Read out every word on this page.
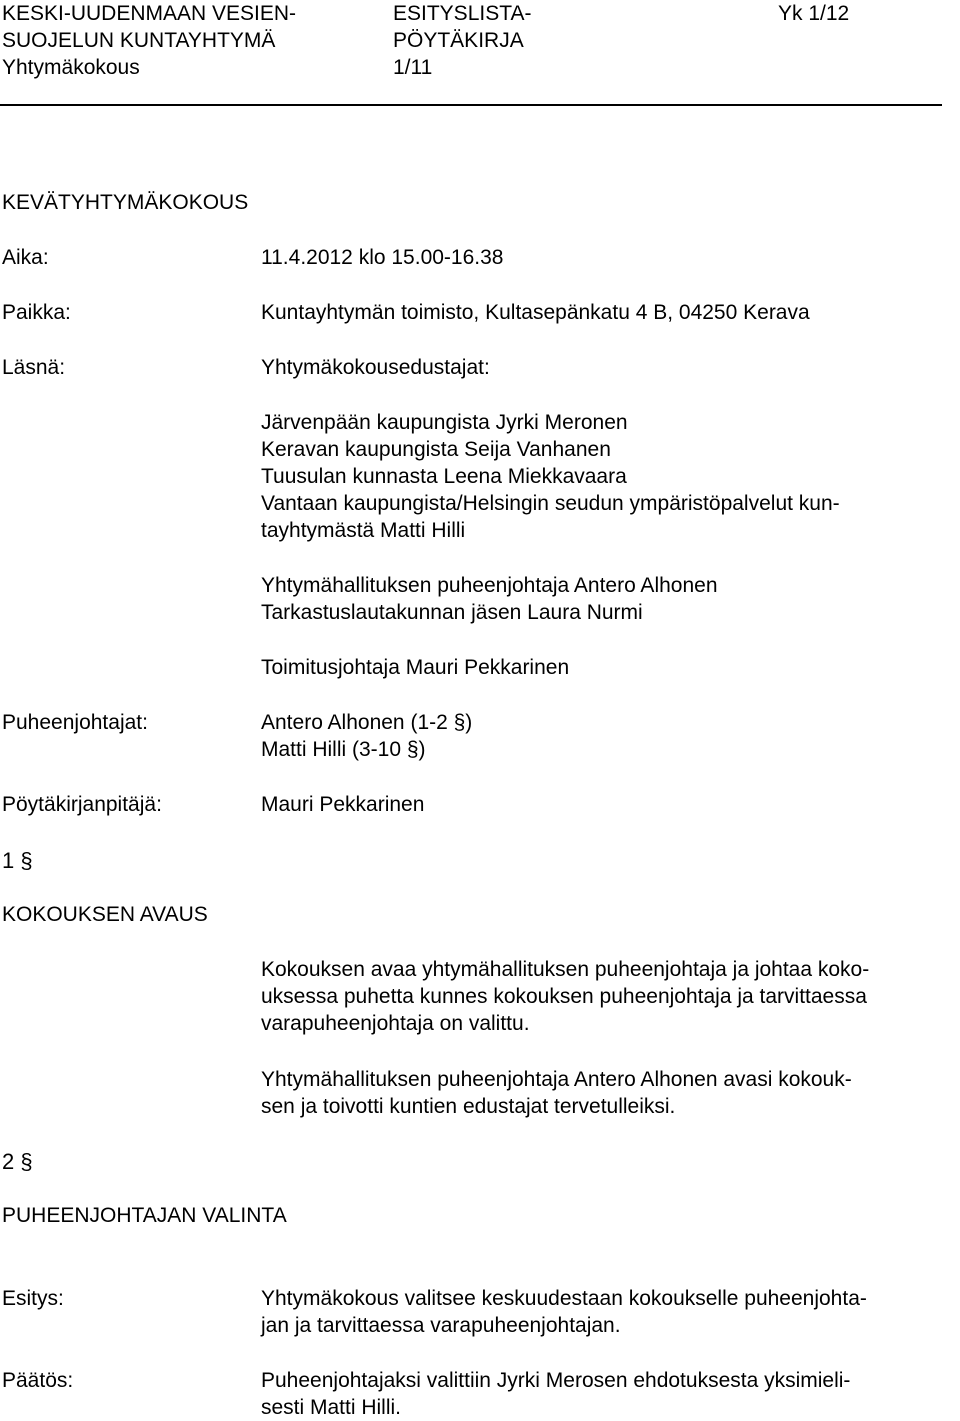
KESKI-UUDENMAAN VESIEN-
SUOJELUN KUNTAYHTYMÄ
Yhtymäkokous
ESITYSLISTA-
PÖYTÄKIRJA
1/11
Yk 1/12
KEVÄTYHTYMÄKOKOUS
Aika:	11.4.2012 klo 15.00-16.38
Paikka:	Kuntayhtymän toimisto, Kultasepänkatu 4 B, 04250 Kerava
Läsnä:	Yhtymäkokousedustajat:
Järvenpään kaupungista Jyrki Meronen
Keravan kaupungista Seija Vanhanen
Tuusulan kunnasta Leena Miekkavaara
Vantaan kaupungista/Helsingin seudun ympäristöpalvelut kun-
tayhtymästä Matti Hilli
Yhtymähallituksen puheenjohtaja Antero Alhonen
Tarkastuslautakunnan jäsen Laura Nurmi
Toimitusjohtaja Mauri Pekkarinen
Puheenjohtajat:	Antero Alhonen (1-2 §)
Matti Hilli (3-10 §)
Pöytäkirjanpitäjä:	Mauri Pekkarinen
1 §
KOKOUKSEN AVAUS
Kokouksen avaa yhtymähallituksen puheenjohtaja ja johtaa koko-
uksessa puhetta kunnes kokouksen puheenjohtaja ja tarvittaessa
varapuheenjohtaja on valittu.
Yhtymähallituksen puheenjohtaja Antero Alhonen avasi kokouk-
sen ja toivotti kuntien edustajat tervetulleiksi.
2 §
PUHEENJOHTAJAN VALINTA
Esitys:	Yhtymäkokous valitsee keskuudestaan kokoukselle puheenjohta-
jan ja tarvittaessa varapuheenjohtajan.
Päätös:	Puheenjohtajaksi valittiin Jyrki Merosen ehdotuksesta yksimieli-
sesti Matti Hilli.
